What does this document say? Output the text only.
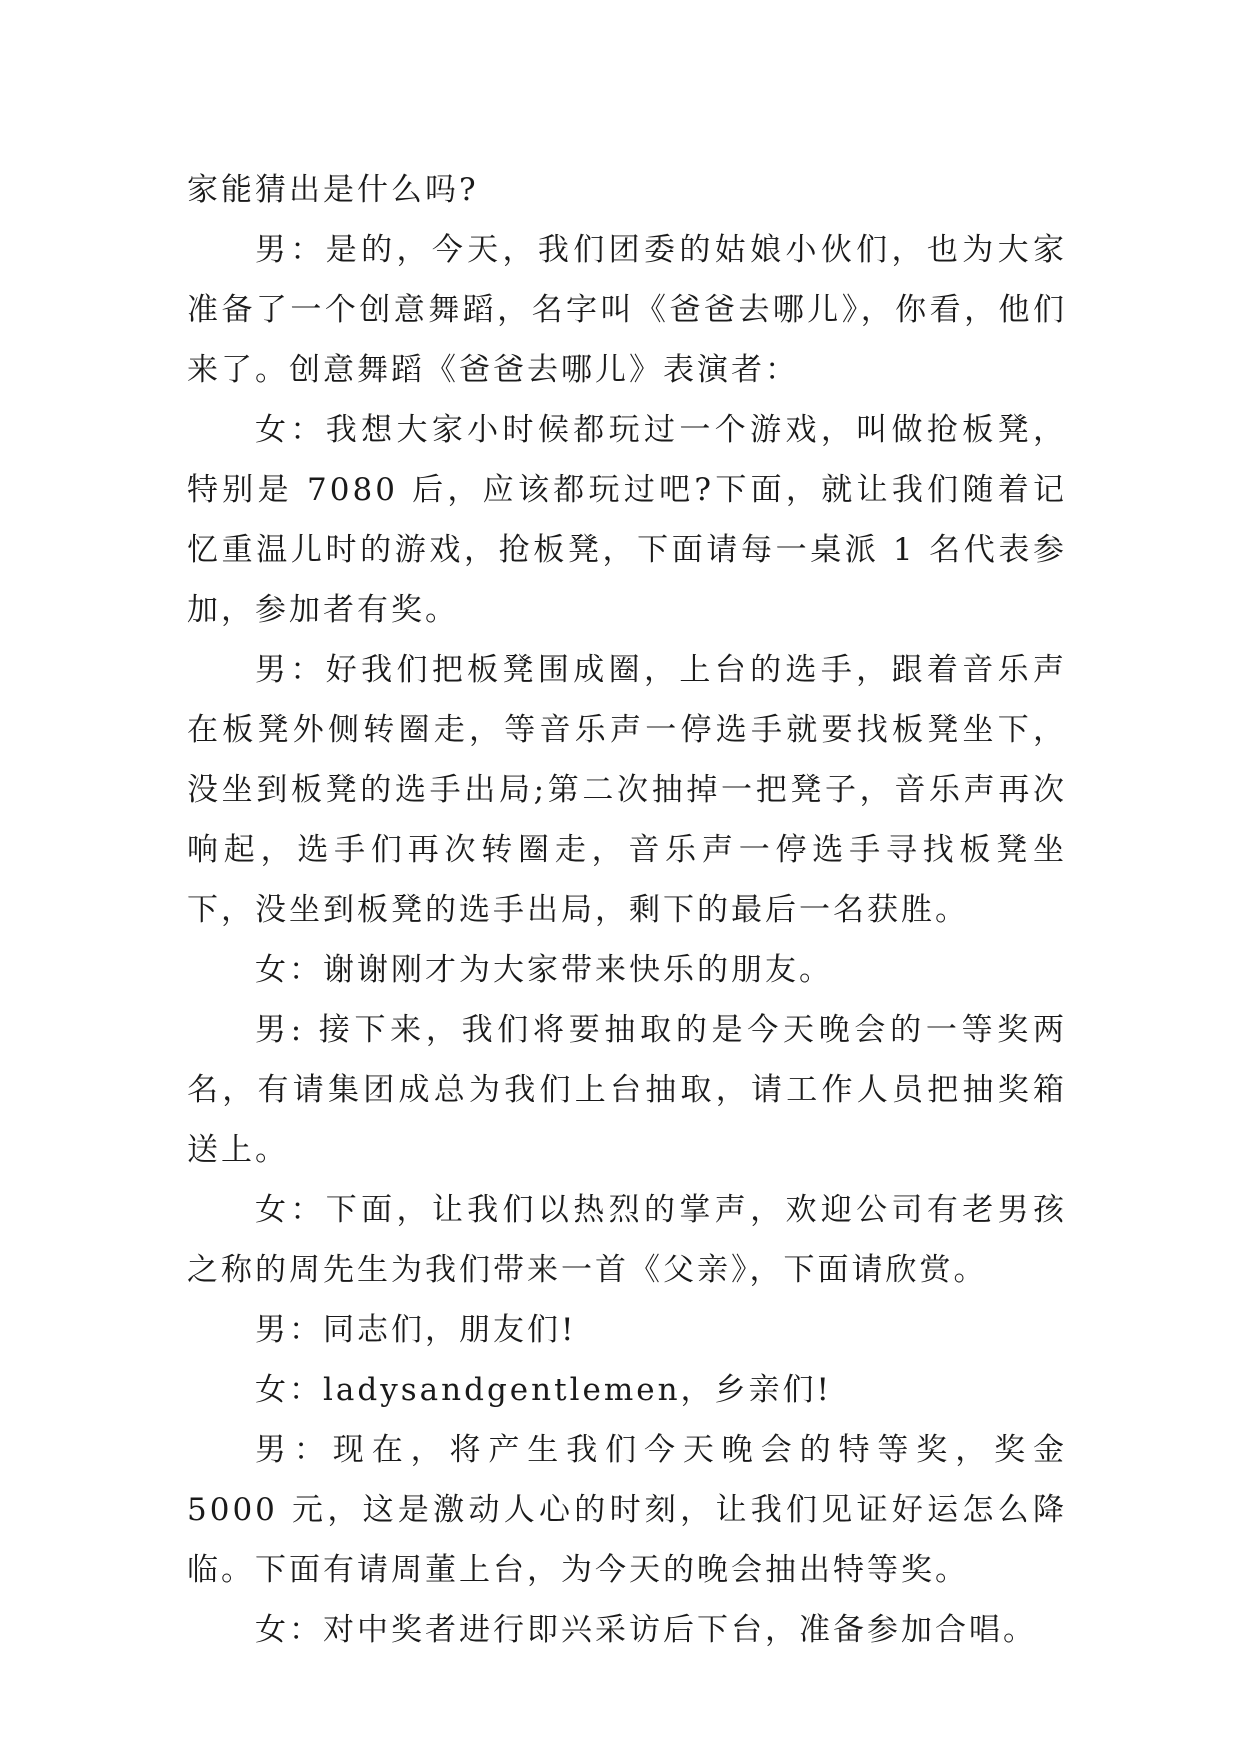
家能猜出是什么吗?

男：是的，今天，我们团委的姑娘小伙们，也为大家准备了一个创意舞蹈，名字叫《爸爸去哪儿》，你看，他们来了。创意舞蹈《爸爸去哪儿》表演者：

女：我想大家小时候都玩过一个游戏，叫做抢板凳，特别是 7080 后，应该都玩过吧?下面，就让我们随着记忆重温儿时的游戏，抢板凳，下面请每一桌派 1 名代表参加，参加者有奖。

男：好我们把板凳围成圈，上台的选手，跟着音乐声在板凳外侧转圈走，等音乐声一停选手就要找板凳坐下，没坐到板凳的选手出局;第二次抽掉一把凳子，音乐声再次响起，选手们再次转圈走，音乐声一停选手寻找板凳坐下，没坐到板凳的选手出局，剩下的最后一名获胜。

女：谢谢刚才为大家带来快乐的朋友。

男: 接下来，我们将要抽取的是今天晚会的一等奖两名，有请集团成总为我们上台抽取，请工作人员把抽奖箱送上。

女：下面，让我们以热烈的掌声，欢迎公司有老男孩之称的周先生为我们带来一首《父亲》，下面请欣赏。

男：同志们，朋友们!

女：ladysandgentlemen，乡亲们!

男：现在，将产生我们今天晚会的特等奖，奖金 5000 元，这是激动人心的时刻，让我们见证好运怎么降临。下面有请周董上台，为今天的晚会抽出特等奖。

女：对中奖者进行即兴采访后下台，准备参加合唱。
